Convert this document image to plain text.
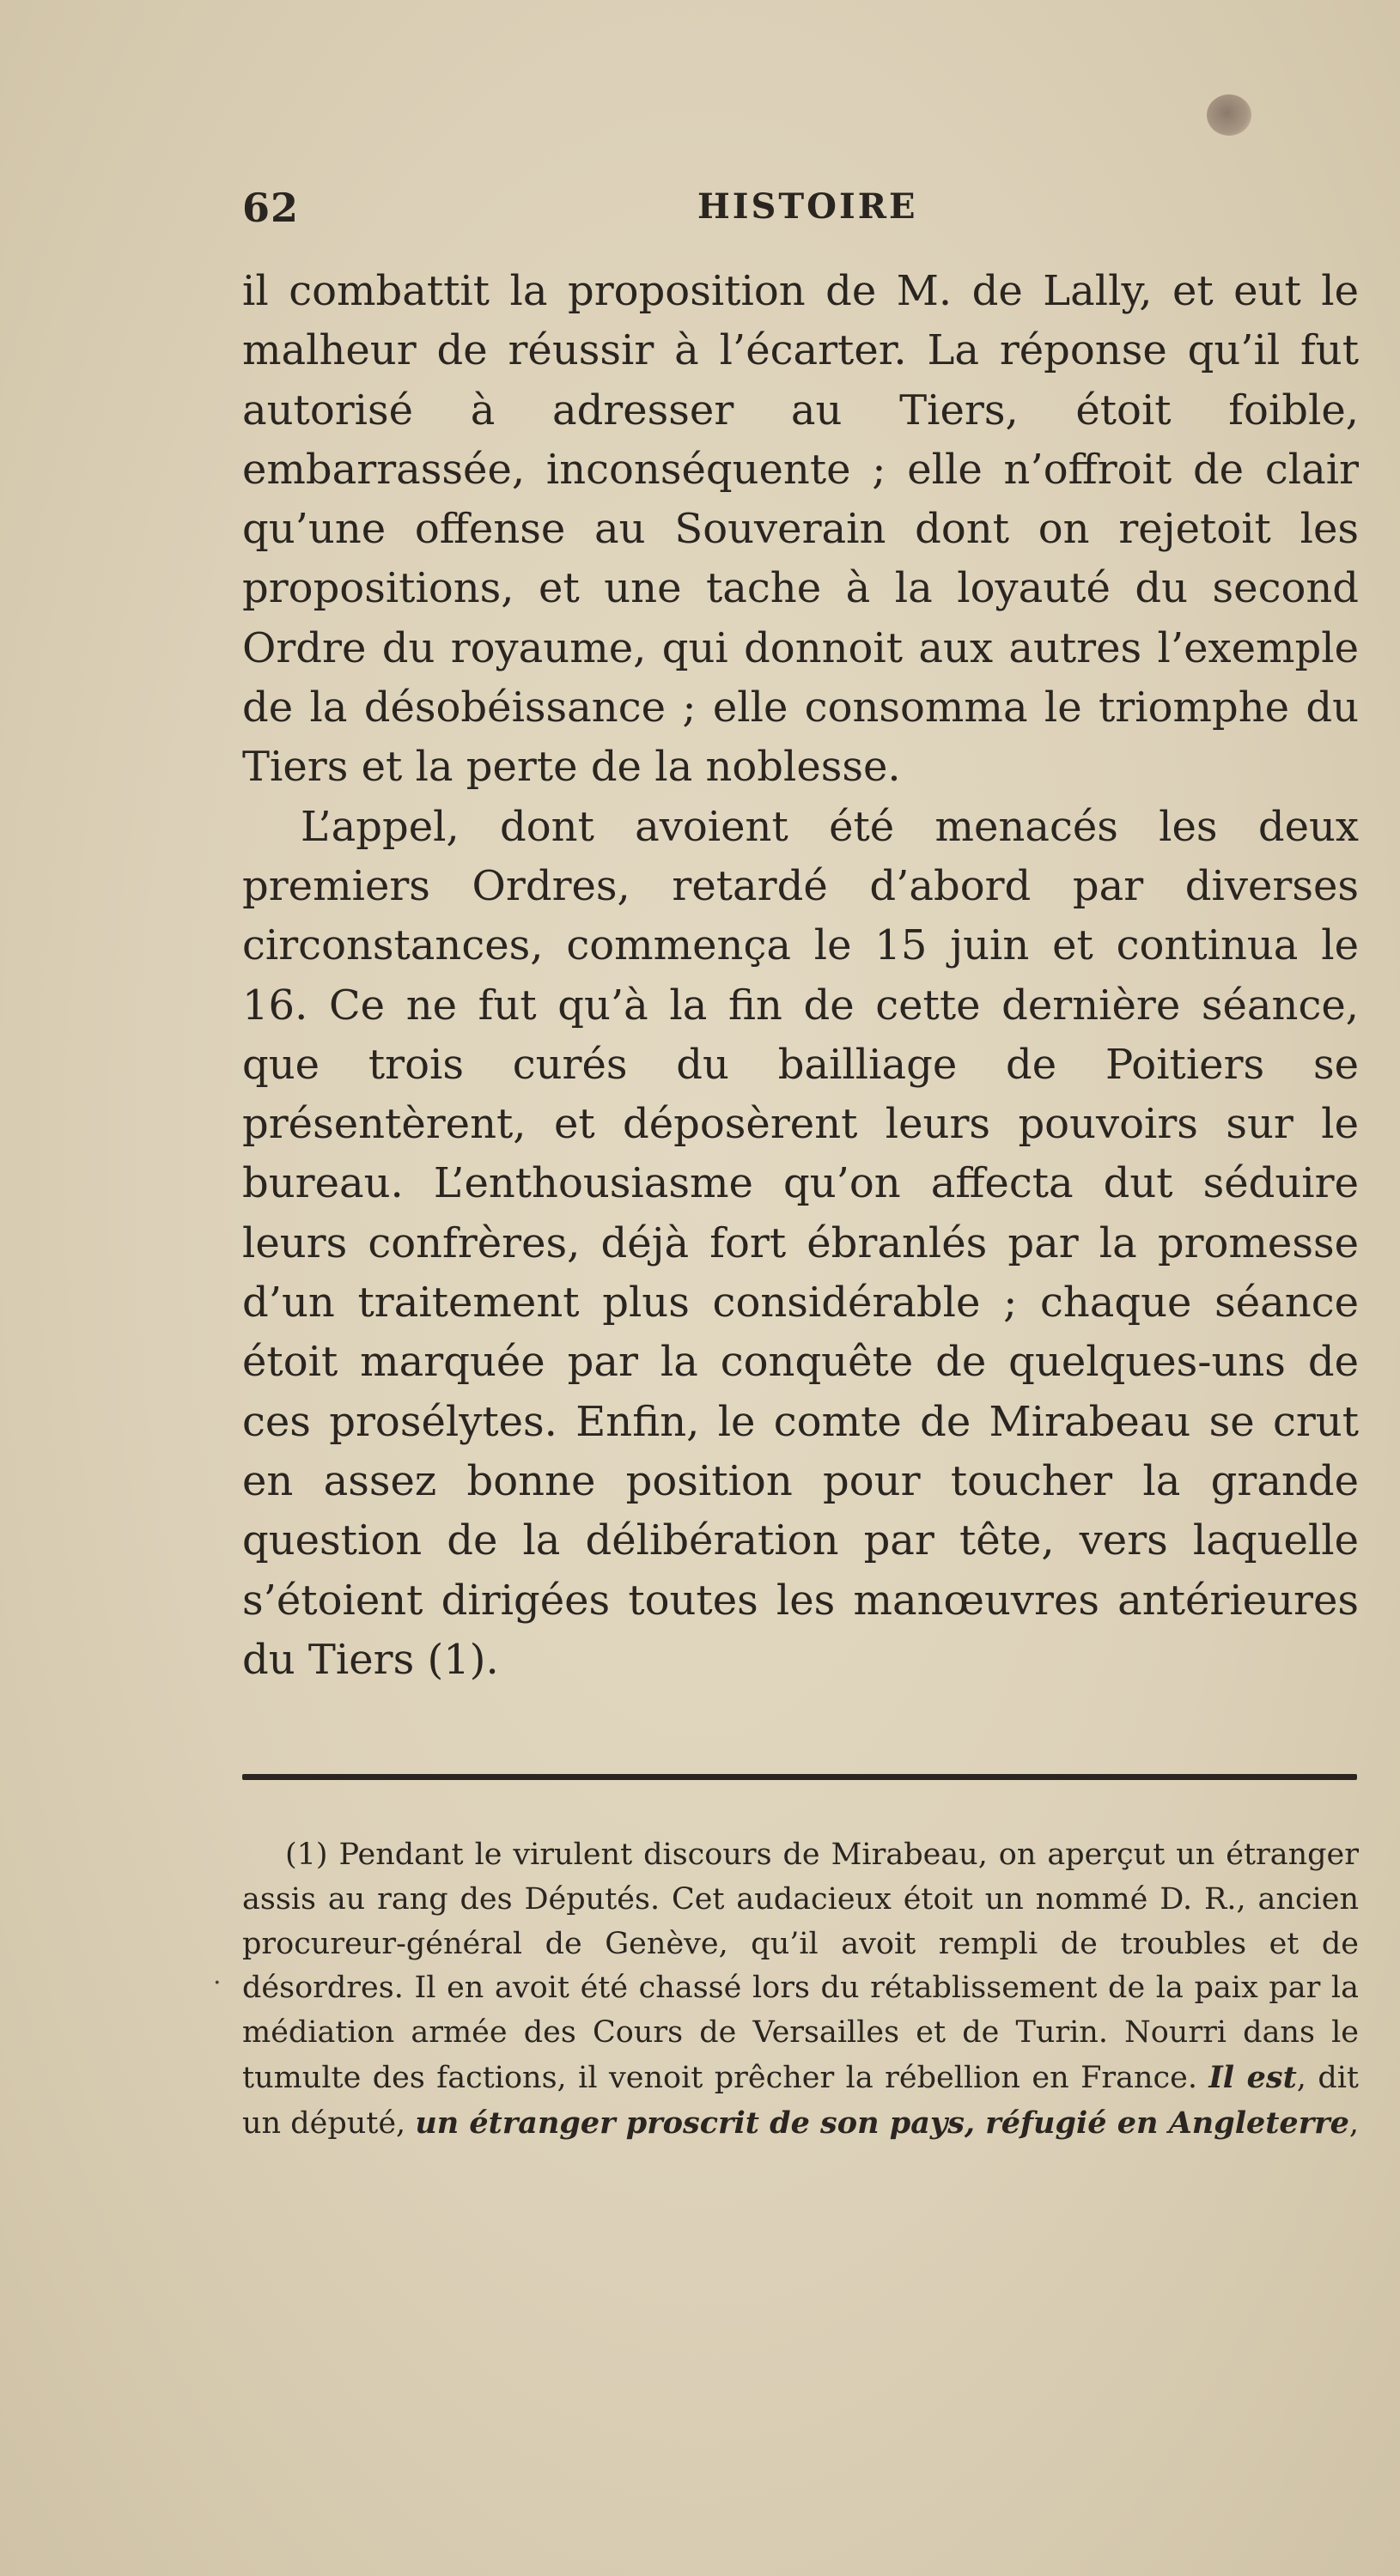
62	HISTOIRE

il combattit la proposition de M. de Lally, et eut le malheur de réussir à l’écarter. La réponse qu’il fut autorisé à adresser au Tiers, étoit foible, embarrassée, inconséquente ; elle n’offroit de clair qu’une offense au Souverain dont on rejetoit les propositions, et une tache à la loyauté du second Ordre du royaume, qui donnoit aux autres l’exemple de la désobéissance ; elle consomma le triomphe du Tiers et la perte de la noblesse.

L’appel, dont avoient été menacés les deux premiers Ordres, retardé d’abord par diverses circonstances, commença le 15 juin et continua le 16. Ce ne fut qu’à la fin de cette dernière séance, que trois curés du bailliage de Poitiers se présentèrent, et déposèrent leurs pouvoirs sur le bureau. L’enthousiasme qu’on affecta dut séduire leurs confrères, déjà fort ébranlés par la promesse d’un traitement plus considérable ; chaque séance étoit marquée par la conquête de quelques-uns de ces prosélytes. Enfin, le comte de Mirabeau se crut en assez bonne position pour toucher la grande question de la délibération par tête, vers laquelle s’étoient dirigées toutes les manœuvres antérieures du Tiers (1).

.

(1) Pendant le virulent discours de Mirabeau, on aperçut un étranger assis au rang des Députés. Cet audacieux étoit un nommé D. R., ancien procureur-général de Genève, qu’il avoit rempli de troubles et de désordres. Il en avoit été chassé lors du rétablissement de la paix par la médiation armée des Cours de Versailles et de Turin. Nourri dans le tumulte des factions, il venoit prêcher la rébellion en France. Il est, dit un député, un étranger proscrit de son pays, réfugié en Angleterre,
